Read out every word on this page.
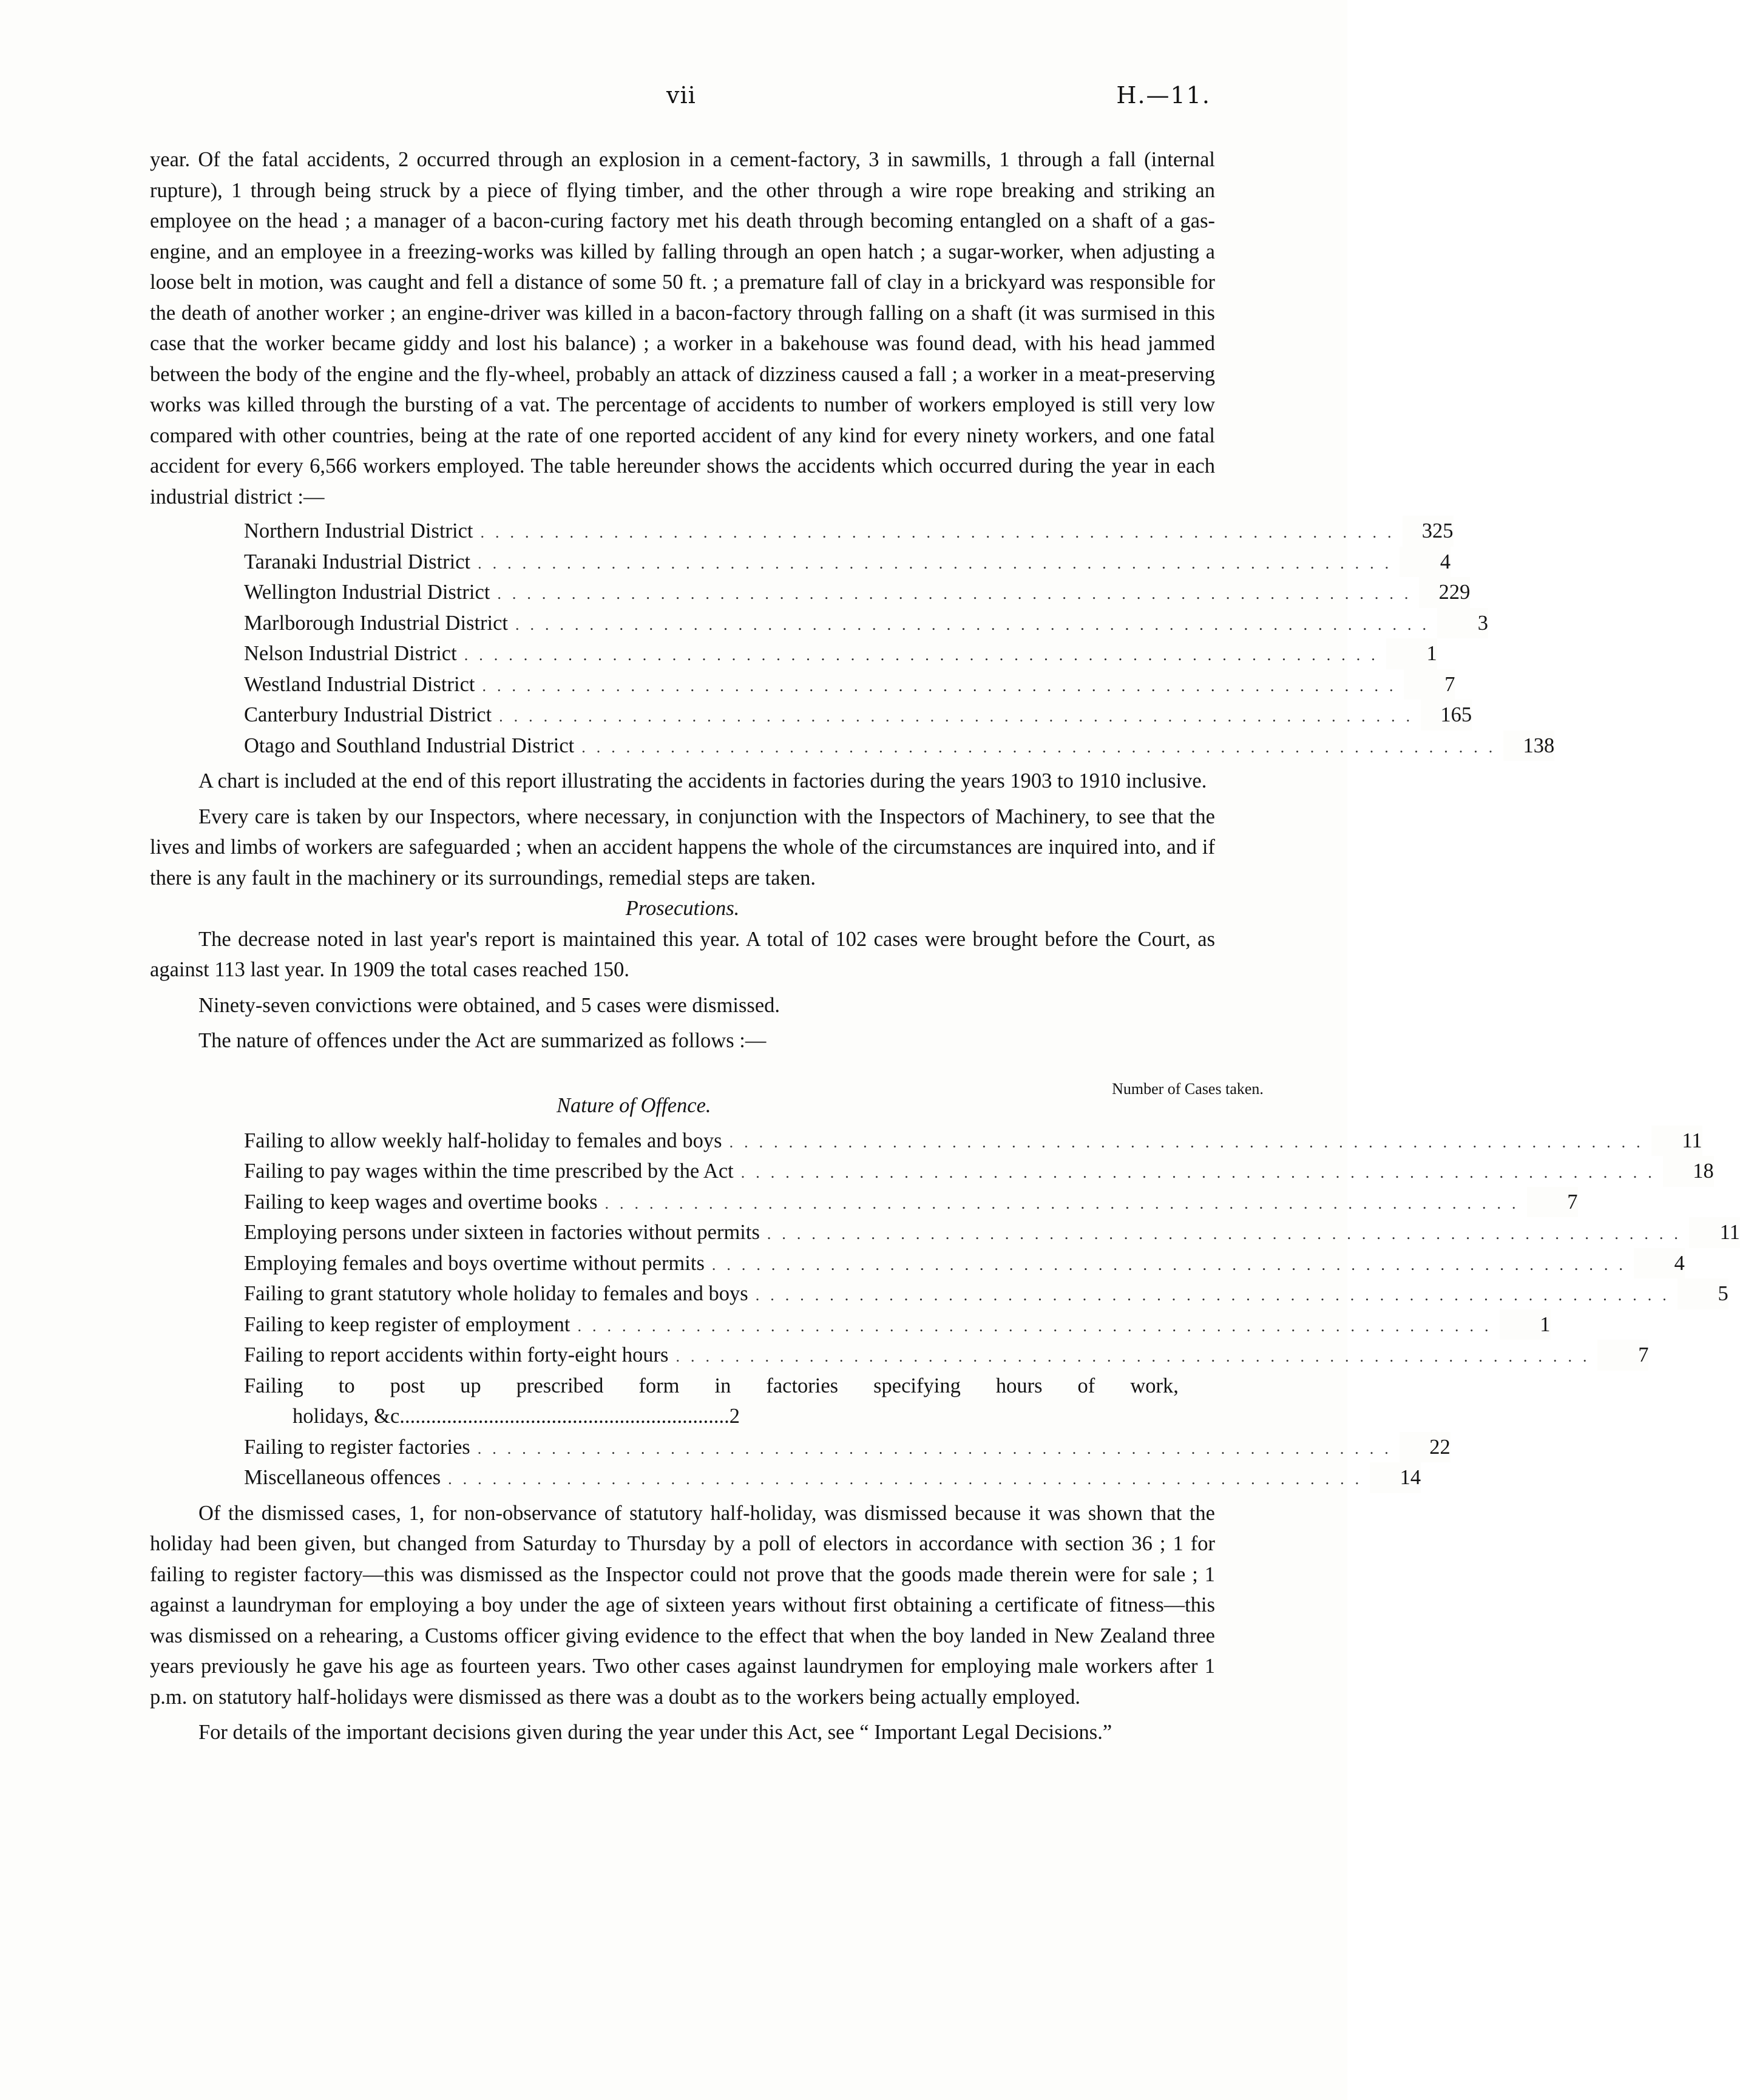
vii	H.—11.

year. Of the fatal accidents, 2 occurred through an explosion in a cement-factory, 3 in sawmills, 1 through a fall (internal rupture), 1 through being struck by a piece of flying timber, and the other through a wire rope breaking and striking an employee on the head ; a manager of a bacon-curing factory met his death through becoming entangled on a shaft of a gas-engine, and an employee in a freezing-works was killed by falling through an open hatch ; a sugar-worker, when adjusting a loose belt in motion, was caught and fell a distance of some 50 ft. ; a premature fall of clay in a brickyard was responsible for the death of another worker ; an engine-driver was killed in a bacon-factory through falling on a shaft (it was surmised in this case that the worker became giddy and lost his balance) ; a worker in a bakehouse was found dead, with his head jammed between the body of the engine and the fly-wheel, probably an attack of dizziness caused a fall ; a worker in a meat-preserving works was killed through the bursting of a vat. The percentage of accidents to number of workers employed is still very low compared with other countries, being at the rate of one reported accident of any kind for every ninety workers, and one fatal accident for every 6,566 workers employed. The table hereunder shows the accidents which occurred during the year in each industrial district :—

Northern Industrial District .............................................................. 325
Taranaki Industrial District ..............................................................	4
Wellington Industrial District .............................................................. 229
Marlborough Industrial District ..............................................................	3
Nelson Industrial District ..............................................................	1
Westland Industrial District ..............................................................	7
Canterbury Industrial District .............................................................. 165
Otago and Southland Industrial District .............................................................. 138

A chart is included at the end of this report illustrating the accidents in factories during the years 1903 to 1910 inclusive.

Every care is taken by our Inspectors, where necessary, in conjunction with the Inspectors of Machinery, to see that the lives and limbs of workers are safeguarded ; when an accident happens the whole of the circumstances are inquired into, and if there is any fault in the machinery or its surroundings, remedial steps are taken.

Prosecutions.

The decrease noted in last year's report is maintained this year. A total of 102 cases were brought before the Court, as against 113 last year. In 1909 the total cases reached 150.

Ninety-seven convictions were obtained, and 5 cases were dismissed.

The nature of offences under the Act are summarized as follows :—

Nature of Offence.
Number of Cases taken.
Failing to allow weekly half-holiday to females and boys ..............................................................	11
Failing to pay wages within the time prescribed by the Act ..............................................................	18
Failing to keep wages and overtime books ..............................................................	7
Employing persons under sixteen in factories without permits ..............................................................	11
Employing females and boys overtime without permits ..............................................................	4
Failing to grant statutory whole holiday to females and boys ..............................................................	5
Failing to keep register of employment ..............................................................	1
Failing to report accidents within forty-eight hours ..............................................................	7
Failing to post up prescribed form in factories specifying hours of work,
holidays, &c. .............................................................. 2
Failing to register factories ..............................................................	22
Miscellaneous offences ..............................................................	14

Of the dismissed cases, 1, for non-observance of statutory half-holiday, was dismissed because it was shown that the holiday had been given, but changed from Saturday to Thursday by a poll of electors in accordance with section 36 ; 1 for failing to register factory—this was dismissed as the Inspector could not prove that the goods made therein were for sale ; 1 against a laundryman for employing a boy under the age of sixteen years without first obtaining a certificate of fitness—this was dismissed on a rehearing, a Customs officer giving evidence to the effect that when the boy landed in New Zealand three years previously he gave his age as fourteen years. Two other cases against laundrymen for employing male workers after 1 p.m. on statutory half-holidays were dismissed as there was a doubt as to the workers being actually employed.

For details of the important decisions given during the year under this Act, see “ Important Legal Decisions.”
